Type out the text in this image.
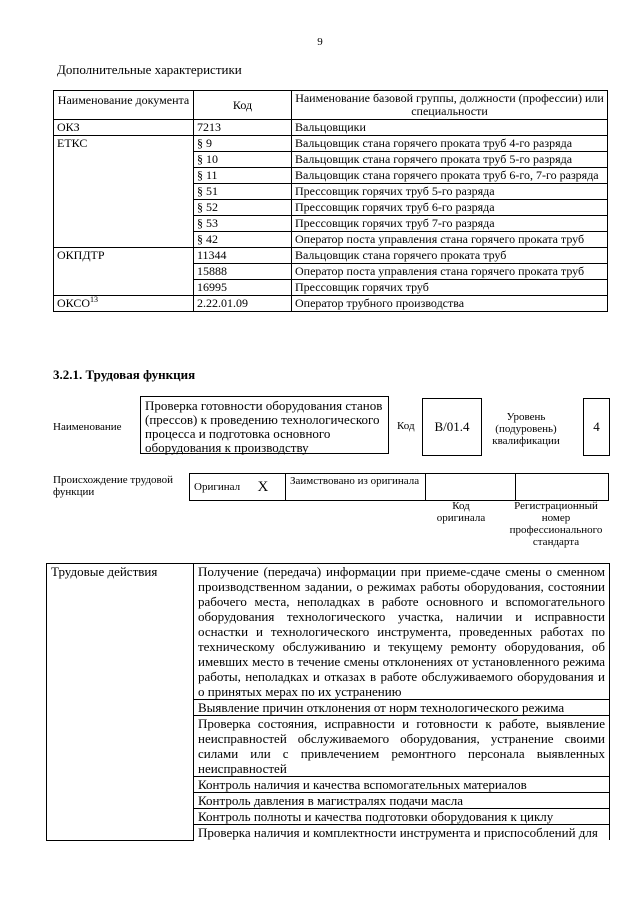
9
Дополнительные характеристики
Наименование документа	Код	Наименование базовой группы, должности (профессии) или специальности
ОКЗ	7213	Вальцовщики
ЕТКС	§ 9	Вальцовщик стана горячего проката труб 4-го разряда
	§ 10	Вальцовщик стана горячего проката труб 5-го разряда
	§ 11	Вальцовщик стана горячего проката труб 6-го, 7-го разряда
	§ 51	Прессовщик горячих труб 5-го разряда
	§ 52	Прессовщик горячих труб 6-го разряда
	§ 53	Прессовщик горячих труб 7-го разряда
	§ 42	Оператор поста управления стана горячего проката труб
ОКПДТР	11344	Вальцовщик стана горячего проката труб
	15888	Оператор поста управления стана горячего проката труб
	16995	Прессовщик горячих труб
ОКСО$^{13}$	2.22.01.09	Оператор трубного производства
3.2.1. Трудовая функция
Наименование
Проверка готовности оборудования станов (прессов) к проведению технологического процесса и подготовка основного оборудования к производству
Код	B/01.4
Уровень (подуровень) квалификации
4
Происхождение трудовой функции	Оригинал	X	Заимствовано из оригинала		
Код оригинала
Регистрационный номер профессионального стандарта
Трудовые действия	Получение (передача) информации при приеме-сдаче смены о сменном производственном задании, о режимах работы оборудования, состоянии рабочего места, неполадках в работе основного и вспомогательного оборудования технологического участка, наличии и исправности оснастки и технологического инструмента, проведенных работах по техническому обслуживанию и текущему ремонту оборудования, об имевших место в течение смены отклонениях от установленного режима работы, неполадках и отказах в работе обслуживаемого оборудования и о принятых мерах по их устранению
Выявление причин отклонения от норм технологического режима
Проверка состояния, исправности и готовности к работе, выявление неисправностей обслуживаемого оборудования, устранение своими силами или с привлечением ремонтного персонала выявленных неисправностей
Контроль наличия и качества вспомогательных материалов
Контроль давления в магистралях подачи масла
Контроль полноты и качества подготовки оборудования к циклу
Проверка наличия и комплектности инструмента и приспособлений для
